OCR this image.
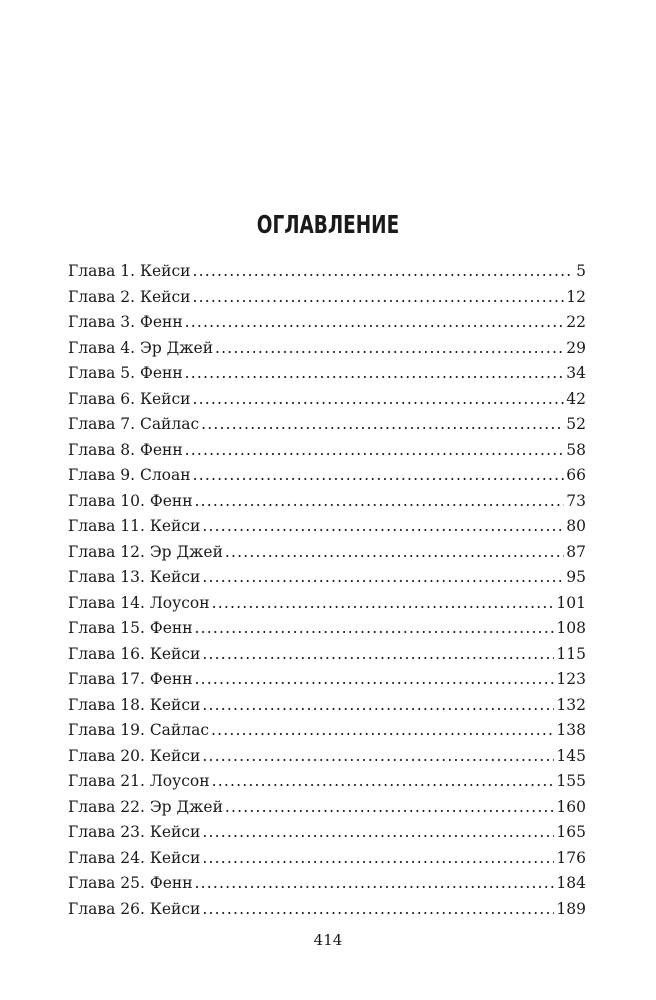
ОГЛАВЛЕНИЕ
Глава 1. Кейси .....	5
Глава 2. Кейси .....	12
Глава 3. Фенн .....	22
Глава 4. Эр Джей .....	29
Глава 5. Фенн .....	34
Глава 6. Кейси .....	42
Глава 7. Сайлас .....	52
Глава 8. Фенн .....	58
Глава 9. Слоан .....	66
Глава 10. Фенн .....	73
Глава 11. Кейси .....	80
Глава 12. Эр Джей .....	87
Глава 13. Кейси .....	95
Глава 14. Лоусон .....	101
Глава 15. Фенн .....	108
Глава 16. Кейси .....	115
Глава 17. Фенн .....	123
Глава 18. Кейси .....	132
Глава 19. Сайлас .....	138
Глава 20. Кейси .....	145
Глава 21. Лоусон .....	155
Глава 22. Эр Джей .....	160
Глава 23. Кейси .....	165
Глава 24. Кейси .....	176
Глава 25. Фенн .....	184
Глава 26. Кейси .....	189
414
